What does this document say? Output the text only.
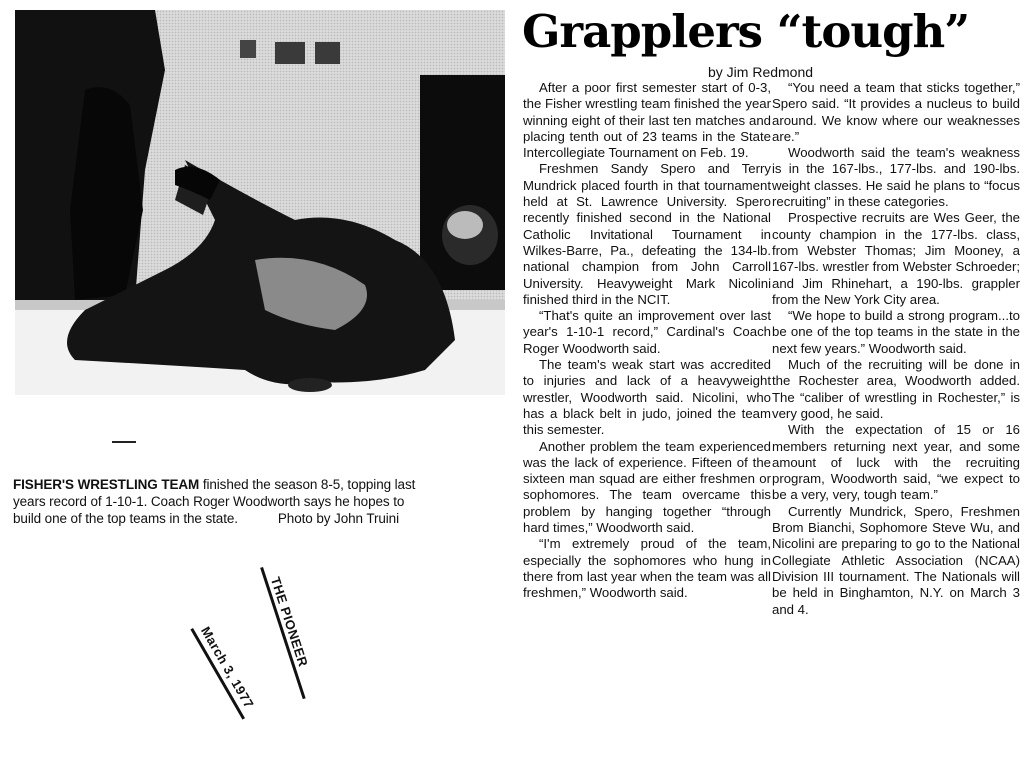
FISHER'S WRESTLING TEAM finished the season 8-5, topping last
years record of 1-10-1. Coach Roger Woodworth says he hopes to
build one of the top teams in the state.	Photo by John Truini
THE PIONEER
March 3, 1977
Grapplers “tough”
by Jim Redmond

After a poor first semester start of 0-3, the Fisher wrestling team finished the year winning eight of their last ten matches and placing tenth out of 23 teams in the State Intercollegiate Tournament on Feb. 19.

Freshmen Sandy Spero and Terry Mundrick placed fourth in that tournament held at St. Lawrence University. Spero recently finished second in the National Catholic Invitational Tournament in Wilkes-Barre, Pa., defeating the 134-lb. national champion from John Carroll University. Heavyweight Mark Nicolini finished third in the NCIT.

“That's quite an improvement over last year's 1-10-1 record,” Cardinal's Coach Roger Woodworth said.

The team's weak start was accredited to injuries and lack of a heavyweight wrestler, Woodworth said. Nicolini, who has a black belt in judo, joined the team this semester.

Another problem the team experienced was the lack of experience. Fifteen of the sixteen man squad are either freshmen or sophomores. The team overcame this problem by hanging together “through hard times,” Woodworth said.

“I'm extremely proud of the team, especially the sophomores who hung in there from last year when the team was all freshmen,” Woodworth said.

“You need a team that sticks together,” Spero said. “It provides a nucleus to build around. We know where our weaknesses are.”

Woodworth said the team's weakness is in the 167-lbs., 177-lbs. and 190-lbs. weight classes. He said he plans to “focus recruiting” in these categories.

Prospective recruits are Wes Geer, the county champion in the 177-lbs. class, from Webster Thomas; Jim Mooney, a 167-lbs. wrestler from Webster Schroeder; and Jim Rhinehart, a 190-lbs. grappler from the New York City area.

“We hope to build a strong program...to be one of the top teams in the state in the next few years.” Woodworth said.

Much of the recruiting will be done in the Rochester area, Woodworth added. The “caliber of wrestling in Rochester,” is very good, he said.

With the expectation of 15 or 16 members returning next year, and some amount of luck with the recruiting program, Woodworth said, “we expect to be a very, very, tough team.”

Currently Mundrick, Spero, Freshmen Brom Bianchi, Sophomore Steve Wu, and Nicolini are preparing to go to the National Collegiate Athletic Association (NCAA) Division III tournament. The Nationals will be held in Binghamton, N.Y. on March 3 and 4.
